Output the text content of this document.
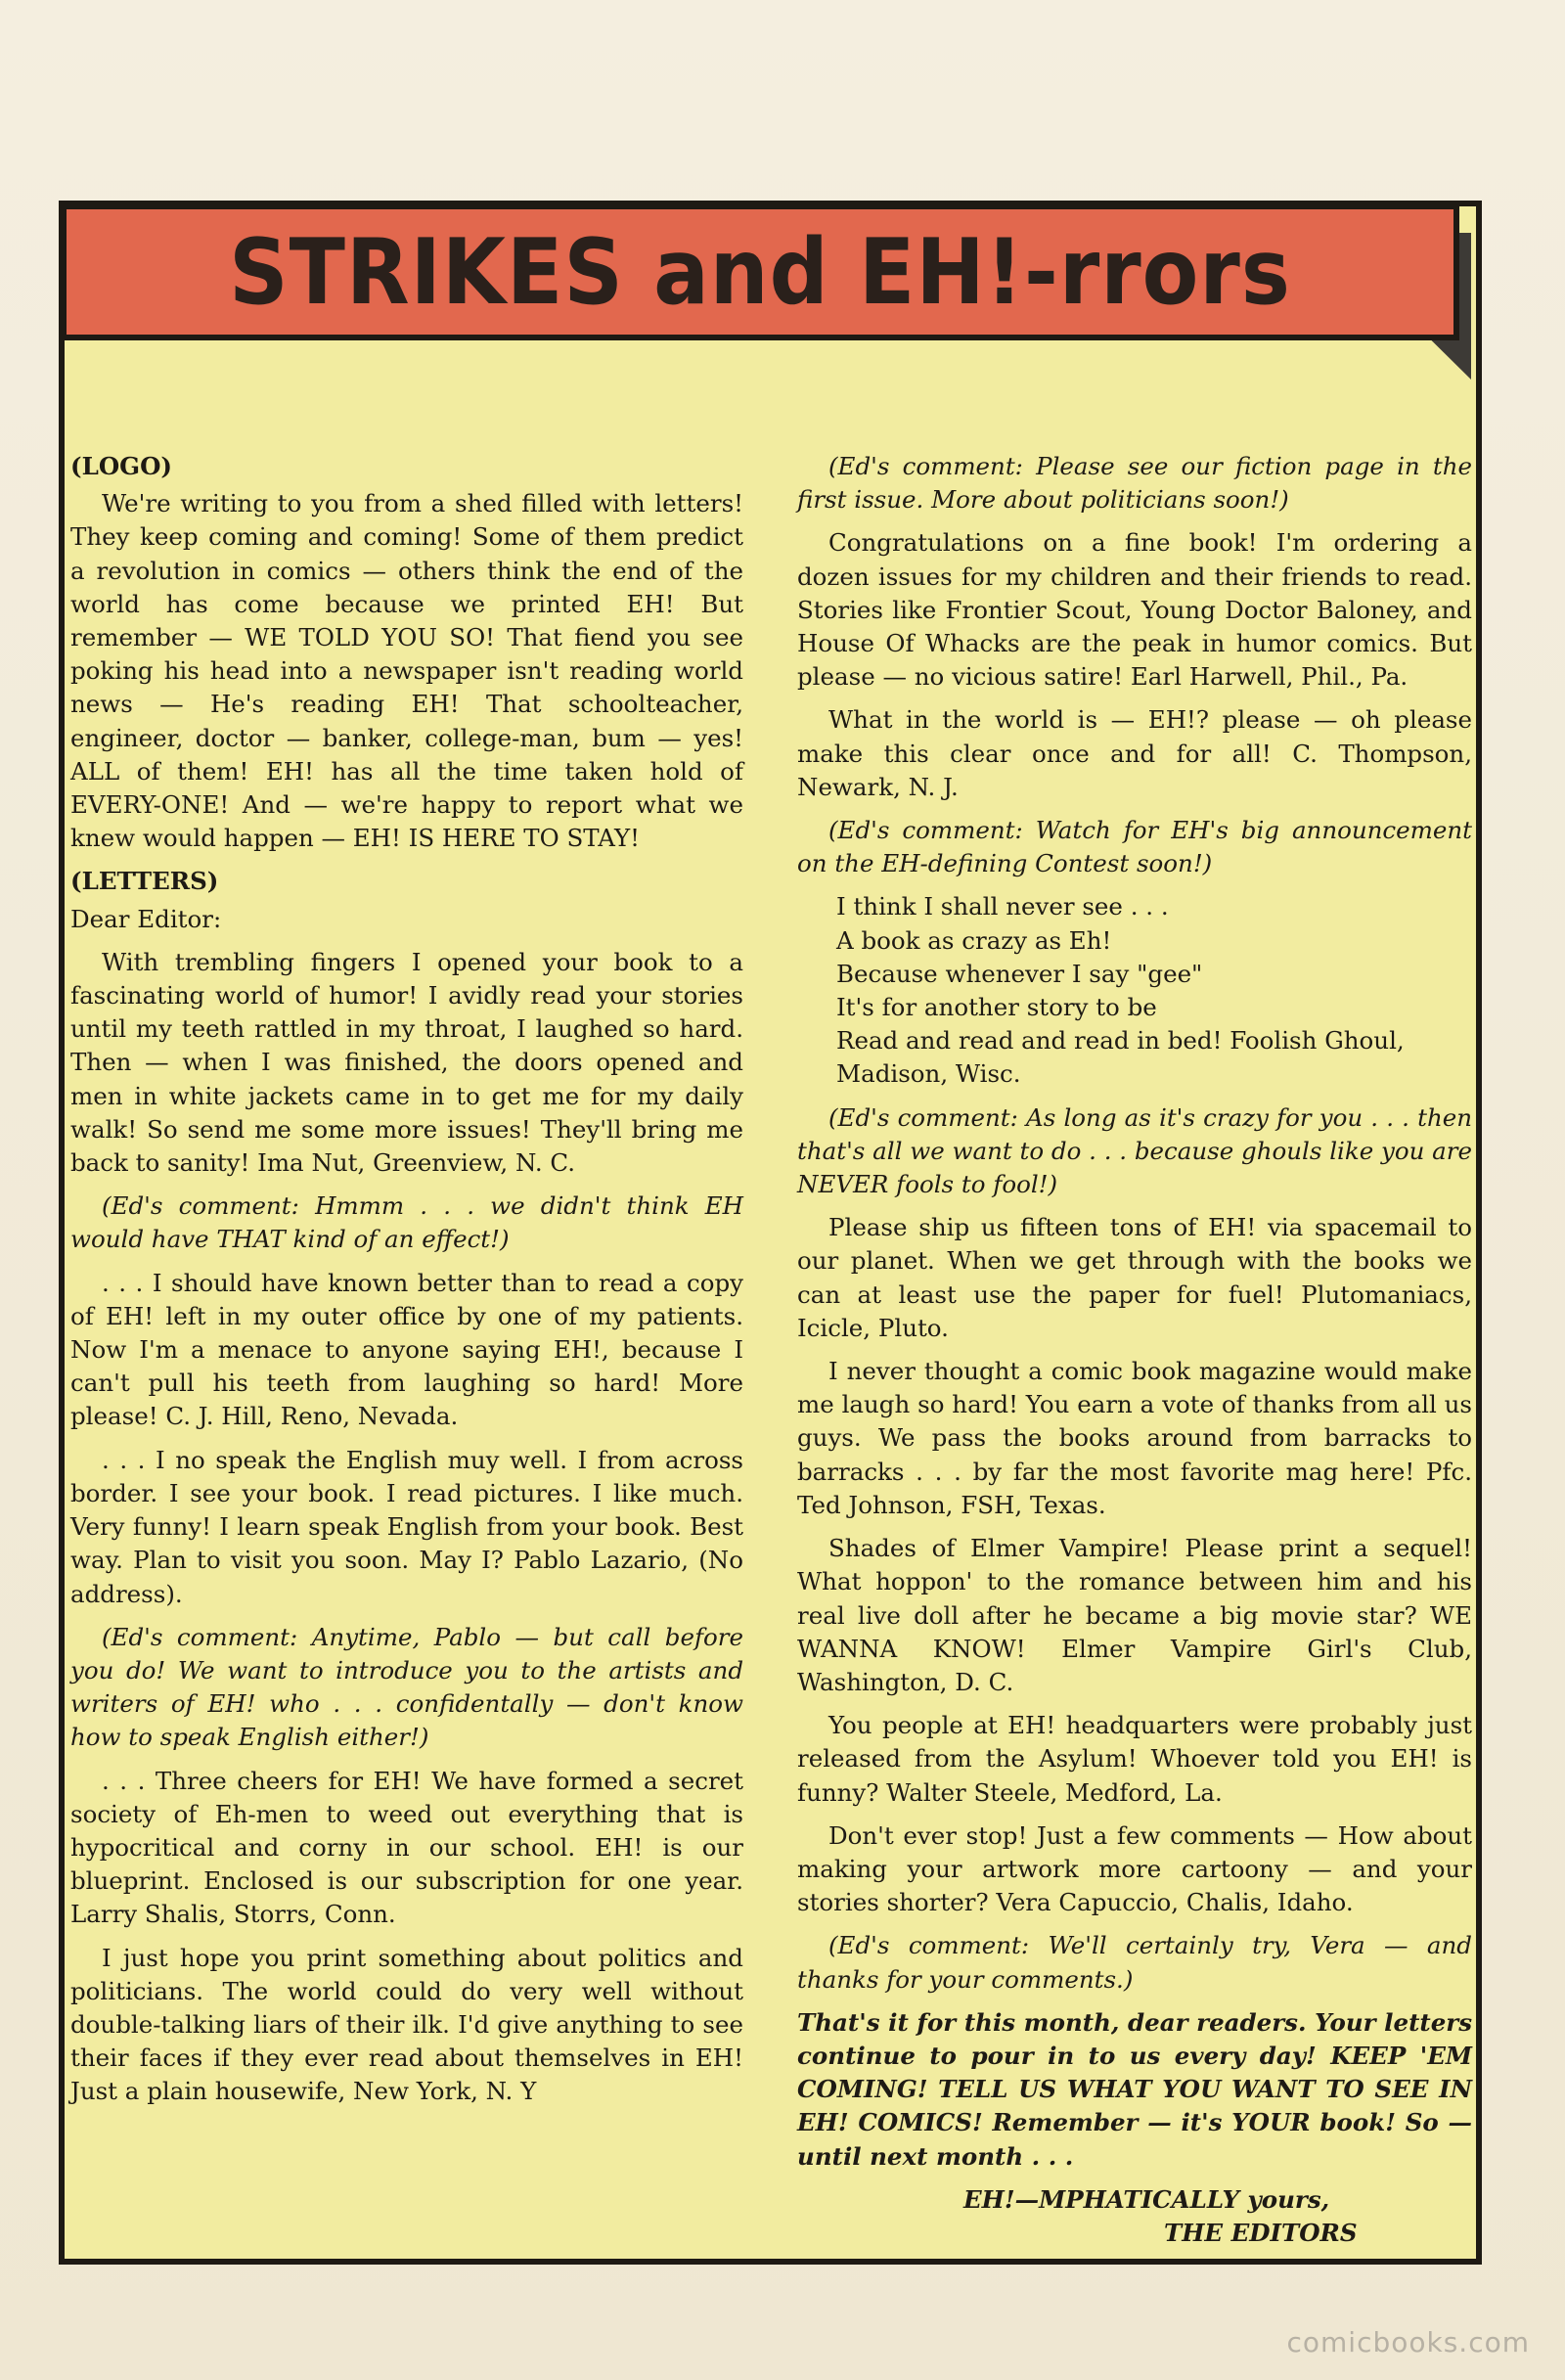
STRIKES and EH!-rrors

(LOGO)

We're writing to you from a shed filled with letters! They keep coming and coming! Some of them predict a revolution in comics — others think the end of the world has come because we printed EH! But remember — WE TOLD YOU SO! That fiend you see poking his head into a newspaper isn't reading world news — He's reading EH! That schoolteacher, engineer, doctor — banker, college-man, bum — yes! ALL of them! EH! has all the time taken hold of EVERY-ONE! And — we're happy to report what we knew would happen — EH! IS HERE TO STAY!

(LETTERS)

Dear Editor:

With trembling fingers I opened your book to a fascinating world of humor! I avidly read your stories until my teeth rattled in my throat, I laughed so hard. Then — when I was finished, the doors opened and men in white jackets came in to get me for my daily walk! So send me some more issues! They'll bring me back to sanity! Ima Nut, Greenview, N. C.

(Ed's comment: Hmmm . . . we didn't think EH would have THAT kind of an effect!)

. . . I should have known better than to read a copy of EH! left in my outer office by one of my patients. Now I'm a menace to anyone saying EH!, because I can't pull his teeth from laughing so hard! More please! C. J. Hill, Reno, Nevada.

. . . I no speak the English muy well. I from across border. I see your book. I read pictures. I like much. Very funny! I learn speak English from your book. Best way. Plan to visit you soon. May I? Pablo Lazario, (No address).

(Ed's comment: Anytime, Pablo — but call before you do! We want to introduce you to the artists and writers of EH! who . . . confidentally — don't know how to speak English either!)

. . . Three cheers for EH! We have formed a secret society of Eh-men to weed out everything that is hypocritical and corny in our school. EH! is our blueprint. Enclosed is our subscription for one year. Larry Shalis, Storrs, Conn.

I just hope you print something about politics and politicians. The world could do very well without double-talking liars of their ilk. I'd give anything to see their faces if they ever read about themselves in EH! Just a plain housewife, New York, N. Y

(Ed's comment: Please see our fiction page in the first issue. More about politicians soon!)

Congratulations on a fine book! I'm ordering a dozen issues for my children and their friends to read. Stories like Frontier Scout, Young Doctor Baloney, and House Of Whacks are the peak in humor comics. But please — no vicious satire! Earl Harwell, Phil., Pa.

What in the world is — EH!? please — oh please make this clear once and for all! C. Thompson, Newark, N. J.

(Ed's comment: Watch for EH's big announcement on the EH-defining Contest soon!)

I think I shall never see . . .

A book as crazy as Eh!

Because whenever I say "gee"

It's for another story to be

Read and read and read in bed! Foolish Ghoul, Madison, Wisc.

(Ed's comment: As long as it's crazy for you . . . then that's all we want to do . . . because ghouls like you are NEVER fools to fool!)

Please ship us fifteen tons of EH! via spacemail to our planet. When we get through with the books we can at least use the paper for fuel! Plutomaniacs, Icicle, Pluto.

I never thought a comic book magazine would make me laugh so hard! You earn a vote of thanks from all us guys. We pass the books around from barracks to barracks . . . by far the most favorite mag here! Pfc. Ted Johnson, FSH, Texas.

Shades of Elmer Vampire! Please print a sequel! What hoppon' to the romance between him and his real live doll after he became a big movie star? WE WANNA KNOW! Elmer Vampire Girl's Club, Washington, D. C.

You people at EH! headquarters were probably just released from the Asylum! Whoever told you EH! is funny? Walter Steele, Medford, La.

Don't ever stop! Just a few comments — How about making your artwork more cartoony — and your stories shorter? Vera Capuccio, Chalis, Idaho.

(Ed's comment: We'll certainly try, Vera — and thanks for your comments.)

That's it for this month, dear readers. Your letters continue to pour in to us every day! KEEP 'EM COMING! TELL US WHAT YOU WANT TO SEE IN EH! COMICS! Remember — it's YOUR book! So — until next month . . .

EH!—MPHATICALLY yours,

THE EDITORS

comicbooks.com
